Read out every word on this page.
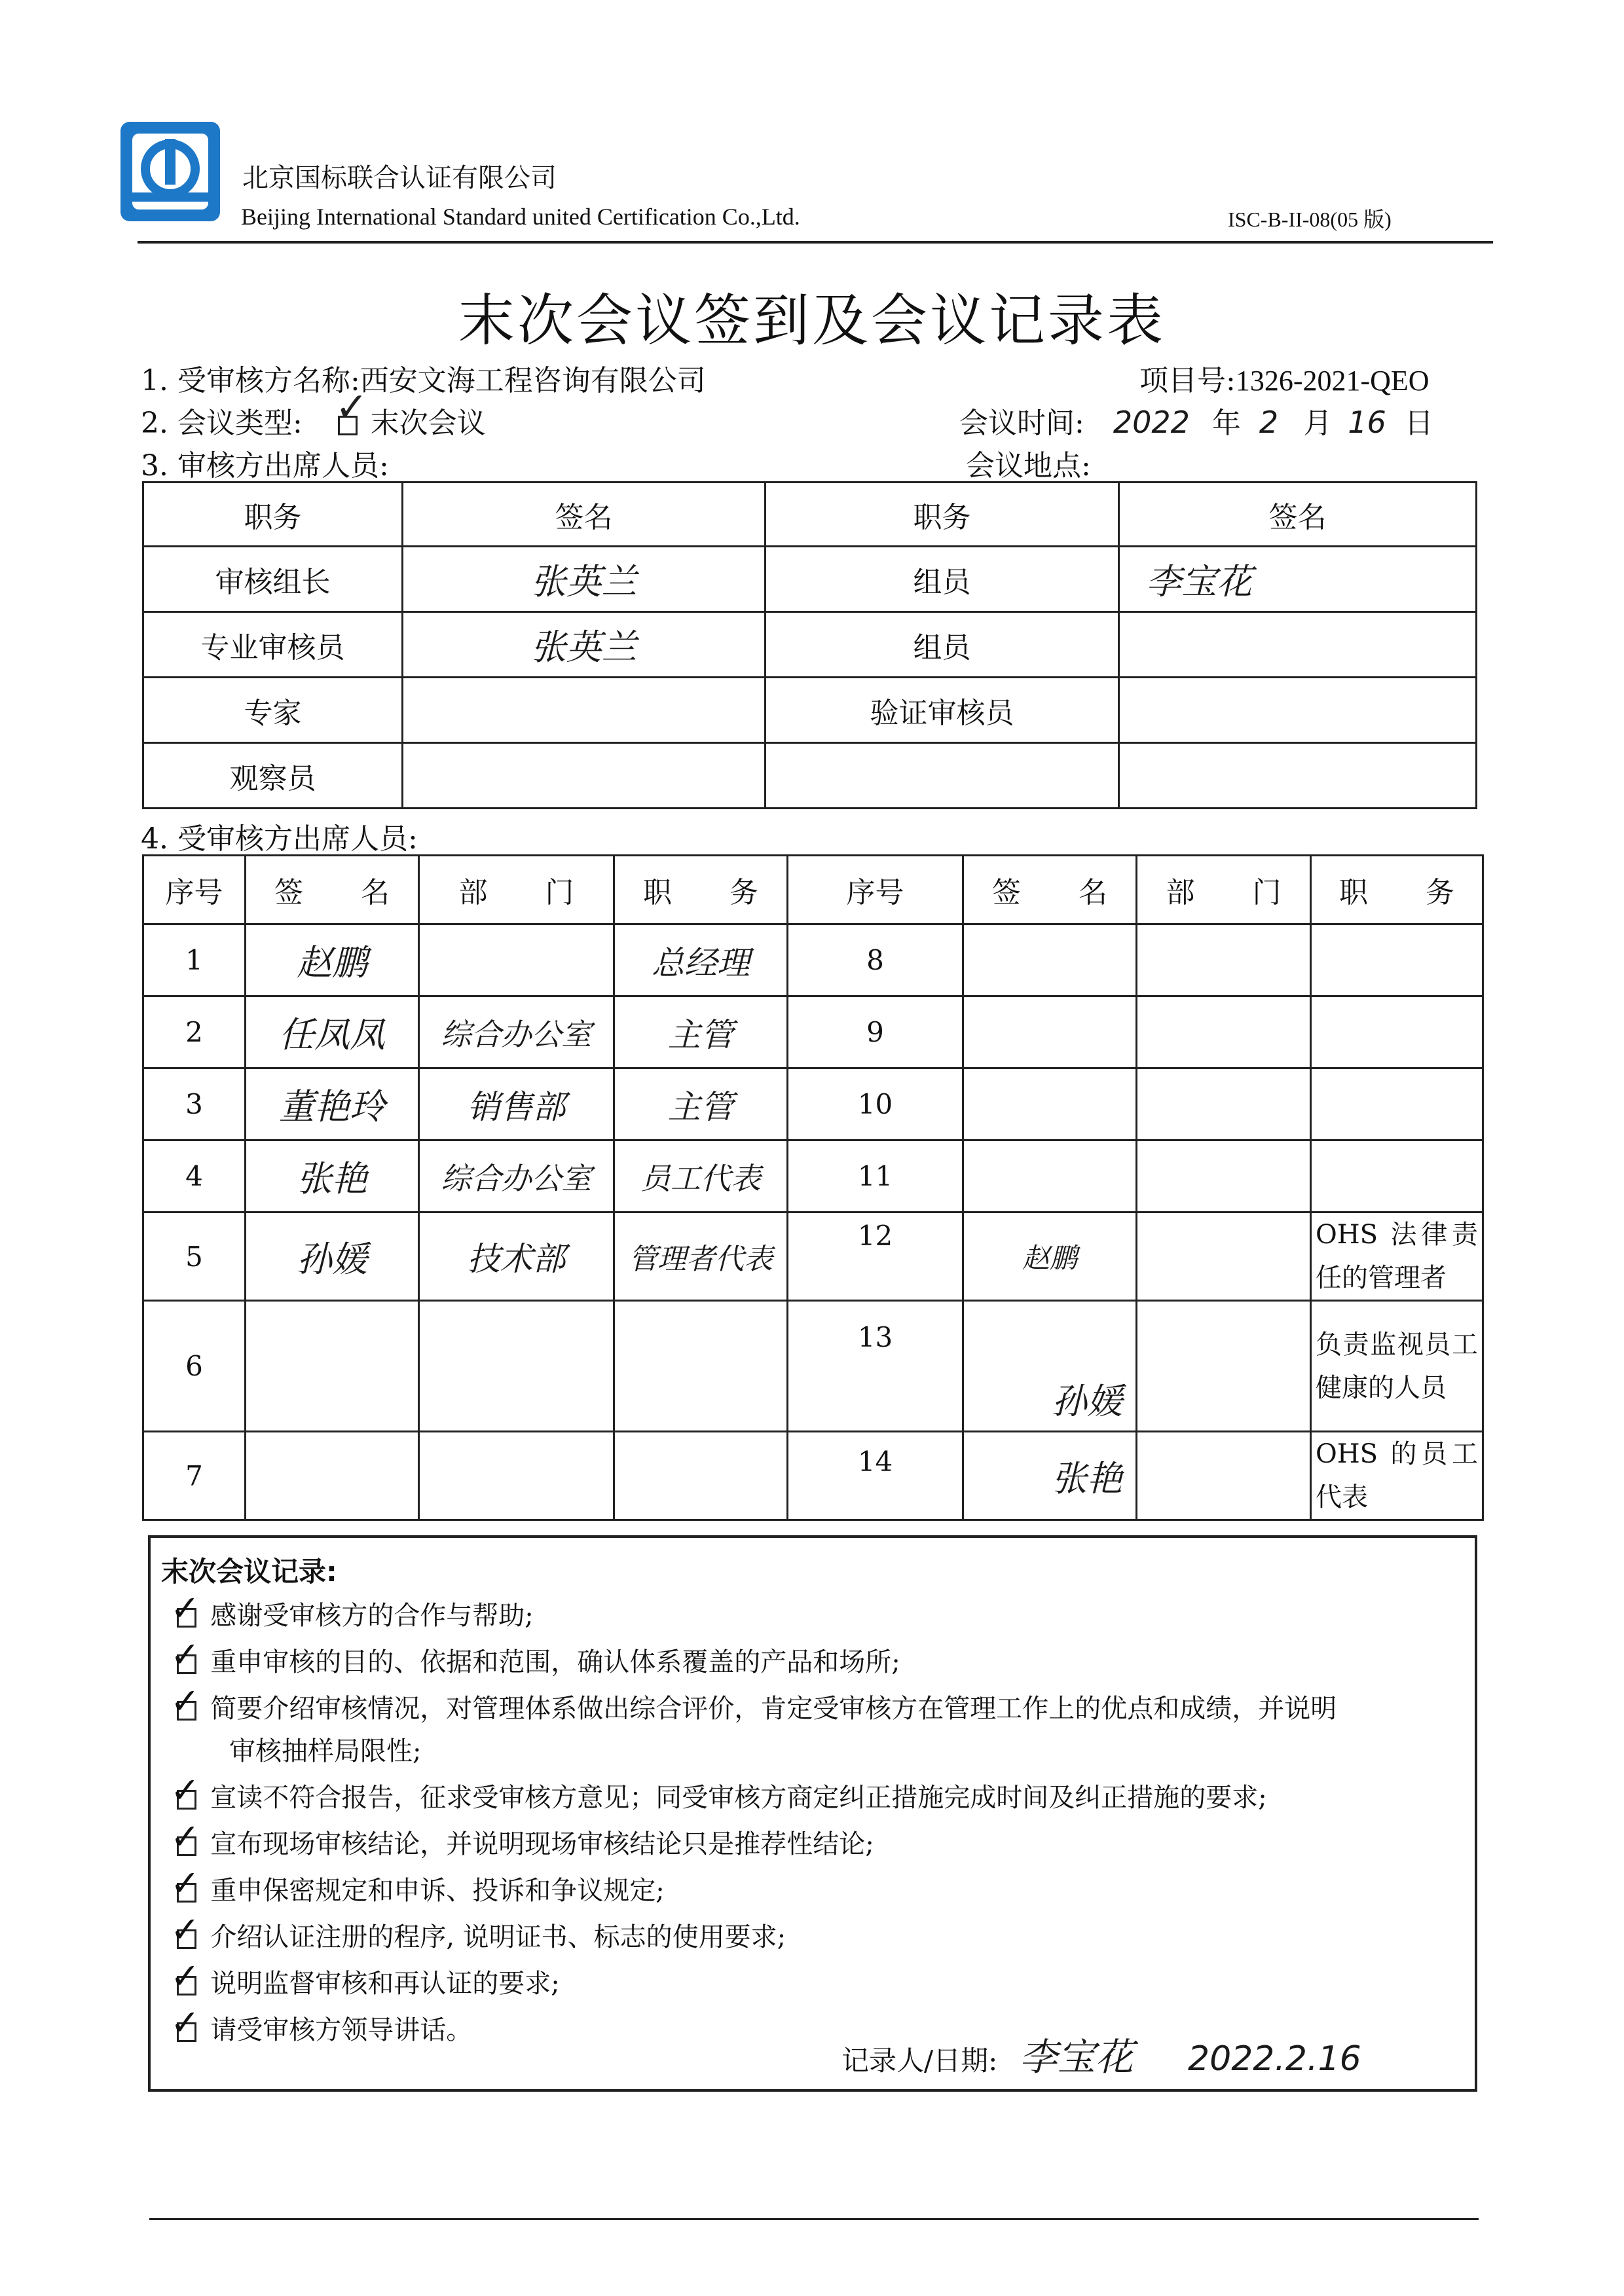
北京国标联合认证有限公司
Beijing International Standard united Certification Co.,Ltd.	ISC-B-II-08(05 版)
末次会议签到及会议记录表
1. 受审核方名称:西安文海工程咨询有限公司	项目号:1326-2021-QEO
2. 会议类型: ✓ 末次会议	会议时间: 2022 年 2 月 16 日
3. 审核方出席人员:	会议地点:
职务	签名	职务	签名
审核组长	张英兰	组员	李宝花
专业审核员	张英兰	组员	
专家		验证审核员	
观察员			
4. 受审核方出席人员:
序号	签　　名	部　　门	职　　务	序号	签　　名	部　　门	职　　务
1	赵鹏		总经理	8			
2	任凤凤	综合办公室	主管	9			
3	董艳玲	销售部	主管	10			
4	张艳	综合办公室	员工代表	11			
5	孙媛	技术部	管理者代表	12	赵鹏		OHS 法律责任的管理者
6				13	孙媛		负责监视员工健康的人员
7				14	张艳		OHS 的员工代表
末次会议记录:
✓ 感谢受审核方的合作与帮助;
✓ 重申审核的目的、依据和范围，确认体系覆盖的产品和场所;
✓ 简要介绍审核情况，对管理体系做出综合评价，肯定受审核方在管理工作上的优点和成绩，并说明
审核抽样局限性;
✓ 宣读不符合报告，征求受审核方意见；同受审核方商定纠正措施完成时间及纠正措施的要求;
✓ 宣布现场审核结论，并说明现场审核结论只是推荐性结论;
✓ 重申保密规定和申诉、投诉和争议规定;
✓ 介绍认证注册的程序, 说明证书、标志的使用要求;
✓ 说明监督审核和再认证的要求;
✓ 请受审核方领导讲话。
记录人/日期: 李宝花 2022.2.16
